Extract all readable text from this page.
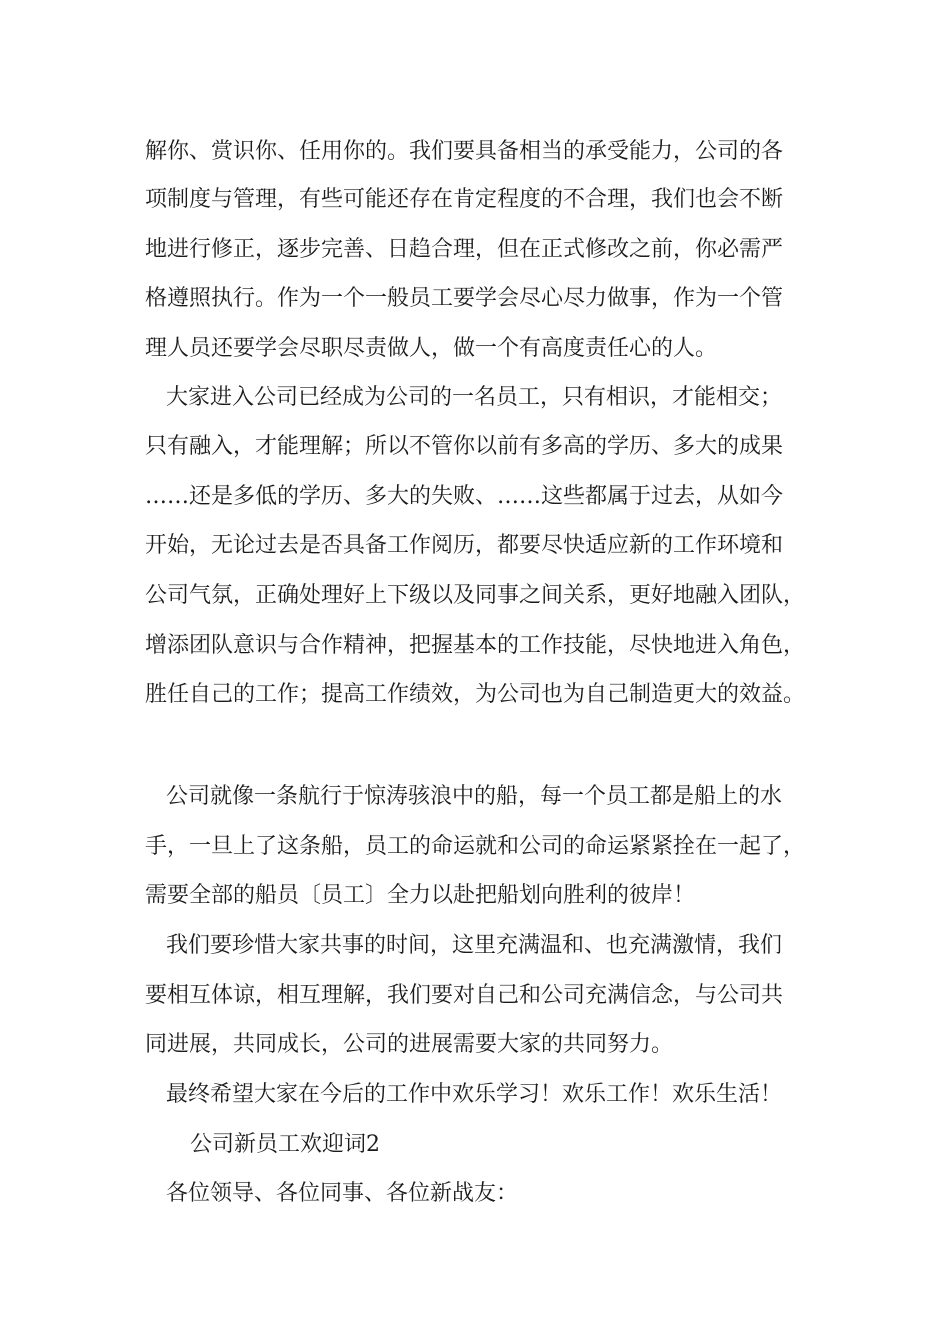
解你、赏识你、任用你的。我们要具备相当的承受能力，公司的各
项制度与管理，有些可能还存在肯定程度的不合理，我们也会不断
地进行修正，逐步完善、日趋合理，但在正式修改之前，你必需严
格遵照执行。作为一个一般员工要学会尽心尽力做事，作为一个管
理人员还要学会尽职尽责做人，做一个有高度责任心的人。
大家进入公司已经成为公司的一名员工，只有相识，才能相交；
只有融入，才能理解；所以不管你以前有多高的学历、多大的成果
……还是多低的学历、多大的失败、……这些都属于过去，从如今
开始，无论过去是否具备工作阅历，都要尽快适应新的工作环境和
公司气氛，正确处理好上下级以及同事之间关系，更好地融入团队，
增添团队意识与合作精神，把握基本的工作技能，尽快地进入角色，
胜任自己的工作；提高工作绩效，为公司也为自己制造更大的效益。
公司就像一条航行于惊涛骇浪中的船，每一个员工都是船上的水
手，一旦上了这条船，员工的命运就和公司的命运紧紧拴在一起了，
需要全部的船员〔员工〕全力以赴把船划向胜利的彼岸！
我们要珍惜大家共事的时间，这里充满温和、也充满激情，我们
要相互体谅，相互理解，我们要对自己和公司充满信念，与公司共
同进展，共同成长，公司的进展需要大家的共同努力。
最终希望大家在今后的工作中欢乐学习！欢乐工作！欢乐生活！
公司新员工欢迎词2
各位领导、各位同事、各位新战友：
